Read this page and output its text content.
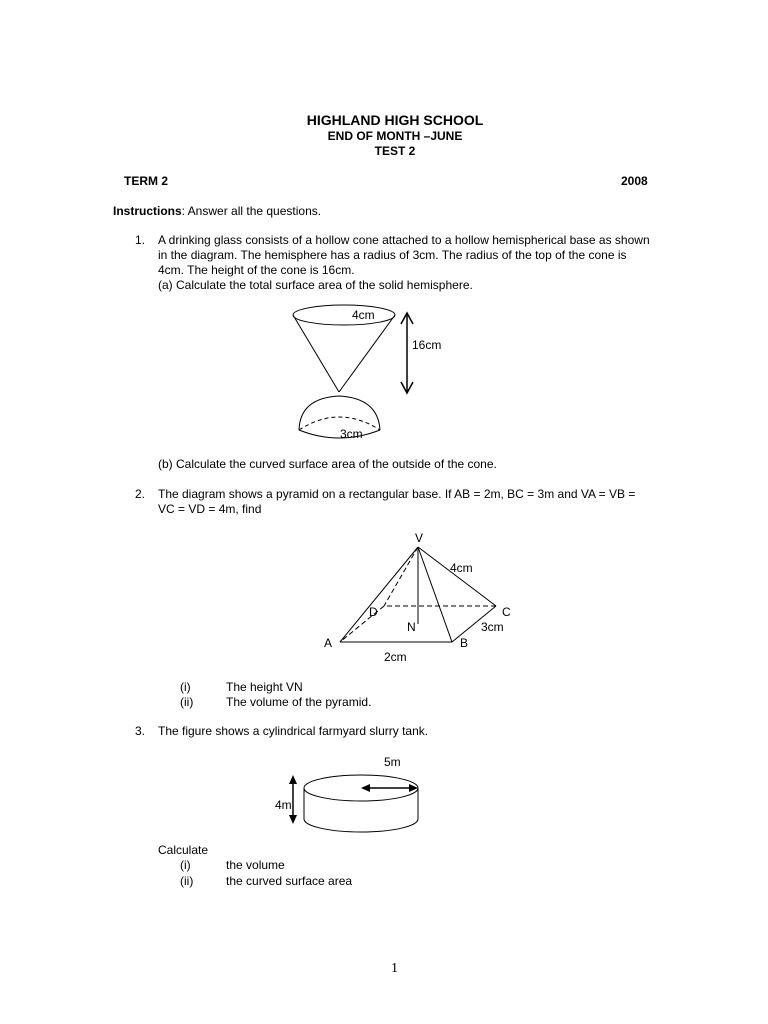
HIGHLAND HIGH SCHOOL
END OF MONTH –JUNE
TEST 2
TERM 2	2008
Instructions: Answer all the questions.
1. A drinking glass consists of a hollow cone attached to a hollow hemispherical base as shown
in the diagram. The hemisphere has a radius of 3cm. The radius of the top of the cone is
4cm. The height of the cone is 16cm.
(a) Calculate the total surface area of the solid hemisphere.
4cm
16cm
3cm
(b) Calculate the curved surface area of the outside of the cone.
2. The diagram shows a pyramid on a rectangular base. If AB = 2m, BC = 3m and VA = VB =
VC = VD = 4m, find
V
A	B
C
D
N
4cm
3cm
2cm
(i)	The height VN
(ii)	The volume of the pyramid.
3. The figure shows a cylindrical farmyard slurry tank.
5m
4m
Calculate
(i)	the volume
(ii)	the curved surface area
1
